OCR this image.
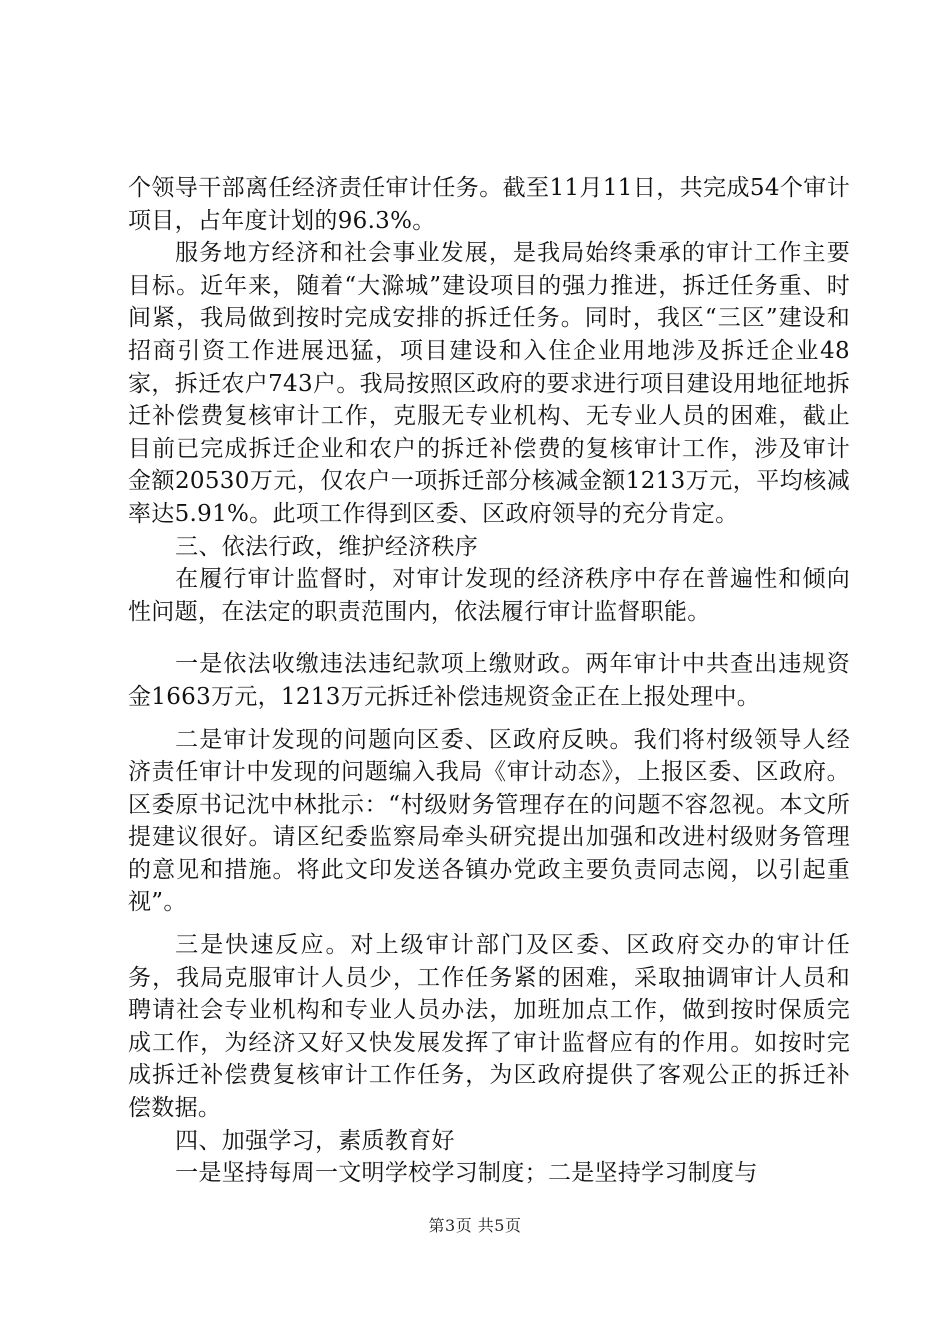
个领导干部离任经济责任审计任务。截至11月11日，共完成54个审计项目，占年度计划的96.3%。

服务地方经济和社会事业发展，是我局始终秉承的审计工作主要目标。近年来，随着“大滁城”建设项目的强力推进，拆迁任务重、时间紧，我局做到按时完成安排的拆迁任务。同时，我区“三区”建设和招商引资工作进展迅猛，项目建设和入住企业用地涉及拆迁企业48家，拆迁农户743户。我局按照区政府的要求进行项目建设用地征地拆迁补偿费复核审计工作，克服无专业机构、无专业人员的困难，截止目前已完成拆迁企业和农户的拆迁补偿费的复核审计工作，涉及审计金额20530万元，仅农户一项拆迁部分核减金额1213万元，平均核减率达5.91%。此项工作得到区委、区政府领导的充分肯定。

三、依法行政，维护经济秩序

在履行审计监督时，对审计发现的经济秩序中存在普遍性和倾向性问题，在法定的职责范围内，依法履行审计监督职能。

一是依法收缴违法违纪款项上缴财政。两年审计中共查出违规资金1663万元，1213万元拆迁补偿违规资金正在上报处理中。

二是审计发现的问题向区委、区政府反映。我们将村级领导人经济责任审计中发现的问题编入我局《审计动态》，上报区委、区政府。区委原书记沈中林批示：“村级财务管理存在的问题不容忽视。本文所提建议很好。请区纪委监察局牵头研究提出加强和改进村级财务管理的意见和措施。将此文印发送各镇办党政主要负责同志阅，以引起重视”。

三是快速反应。对上级审计部门及区委、区政府交办的审计任务，我局克服审计人员少，工作任务紧的困难，采取抽调审计人员和聘请社会专业机构和专业人员办法，加班加点工作，做到按时保质完成工作，为经济又好又快发展发挥了审计监督应有的作用。如按时完成拆迁补偿费复核审计工作任务，为区政府提供了客观公正的拆迁补偿数据。

四、加强学习，素质教育好

一是坚持每周一文明学校学习制度；二是坚持学习制度与

第3页 共5页
